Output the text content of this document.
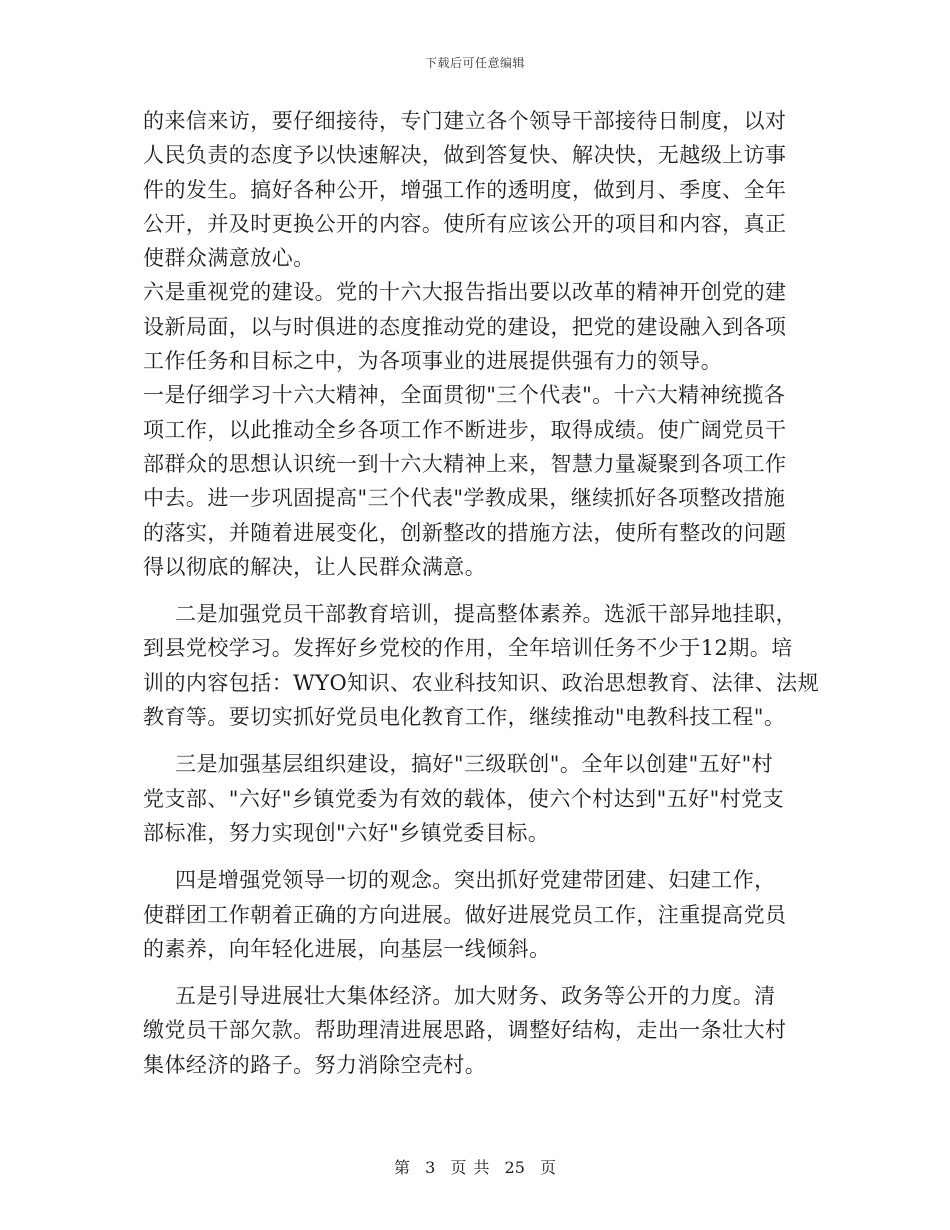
下载后可任意编辑
的来信来访，要仔细接待，专门建立各个领导干部接待日制度，以对
人民负责的态度予以快速解决，做到答复快、解决快，无越级上访事
件的发生。搞好各种公开，增强工作的透明度，做到月、季度、全年
公开，并及时更换公开的内容。使所有应该公开的项目和内容，真正
使群众满意放心。
六是重视党的建设。党的十六大报告指出要以改革的精神开创党的建
设新局面，以与时俱进的态度推动党的建设，把党的建设融入到各项
工作任务和目标之中，为各项事业的进展提供强有力的领导。
一是仔细学习十六大精神，全面贯彻"三个代表"。十六大精神统揽各
项工作，以此推动全乡各项工作不断进步，取得成绩。使广阔党员干
部群众的思想认识统一到十六大精神上来，智慧力量凝聚到各项工作
中去。进一步巩固提高"三个代表"学教成果，继续抓好各项整改措施
的落实，并随着进展变化，创新整改的措施方法，使所有整改的问题
得以彻底的解决，让人民群众满意。
二是加强党员干部教育培训，提高整体素养。选派干部异地挂职，
到县党校学习。发挥好乡党校的作用，全年培训任务不少于12期。培
训的内容包括：WYO知识、农业科技知识、政治思想教育、法律、法规
教育等。要切实抓好党员电化教育工作，继续推动"电教科技工程"。
三是加强基层组织建设，搞好"三级联创"。全年以创建"五好"村
党支部、"六好"乡镇党委为有效的载体，使六个村达到"五好"村党支
部标准，努力实现创"六好"乡镇党委目标。
四是增强党领导一切的观念。突出抓好党建带团建、妇建工作，
使群团工作朝着正确的方向进展。做好进展党员工作，注重提高党员
的素养，向年轻化进展，向基层一线倾斜。
五是引导进展壮大集体经济。加大财务、政务等公开的力度。清
缴党员干部欠款。帮助理清进展思路，调整好结构，走出一条壮大村
集体经济的路子。努力消除空壳村。
第 3 页 共 25 页
